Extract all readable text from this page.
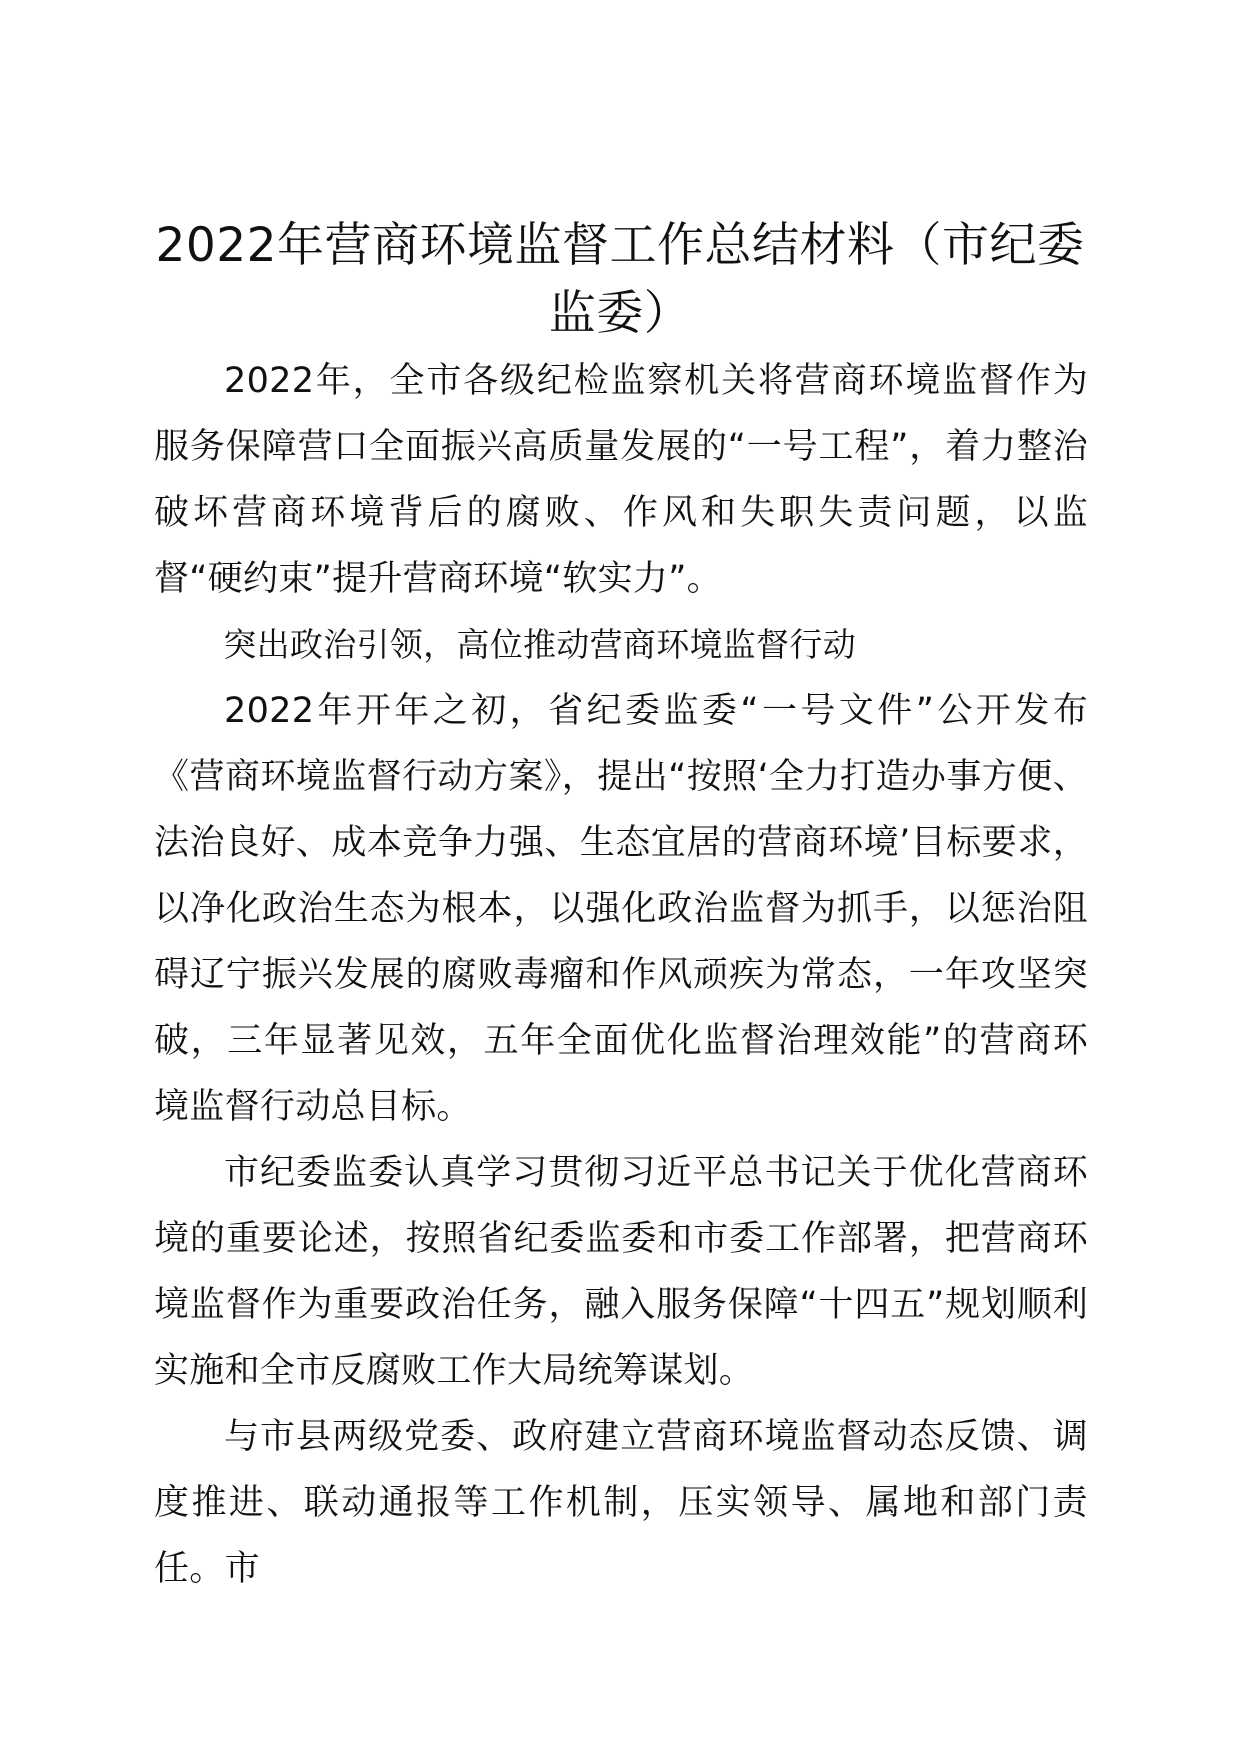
2022年营商环境监督工作总结材料（市纪委监委）

2022年，全市各级纪检监察机关将营商环境监督作为服务保障营口全面振兴高质量发展的“一号工程”，着力整治破坏营商环境背后的腐败、作风和失职失责问题，以监督“硬约束”提升营商环境“软实力”。

突出政治引领，高位推动营商环境监督行动

2022年开年之初，省纪委监委“一号文件”公开发布《营商环境监督行动方案》，提出“按照‘全力打造办事方便、法治良好、成本竞争力强、生态宜居的营商环境’目标要求，以净化政治生态为根本，以强化政治监督为抓手，以惩治阻碍辽宁振兴发展的腐败毒瘤和作风顽疾为常态，一年攻坚突破，三年显著见效，五年全面优化监督治理效能”的营商环境监督行动总目标。

市纪委监委认真学习贯彻习近平总书记关于优化营商环境的重要论述，按照省纪委监委和市委工作部署，把营商环境监督作为重要政治任务，融入服务保障“十四五”规划顺利实施和全市反腐败工作大局统筹谋划。

与市县两级党委、政府建立营商环境监督动态反馈、调度推进、联动通报等工作机制，压实领导、属地和部门责任。市
